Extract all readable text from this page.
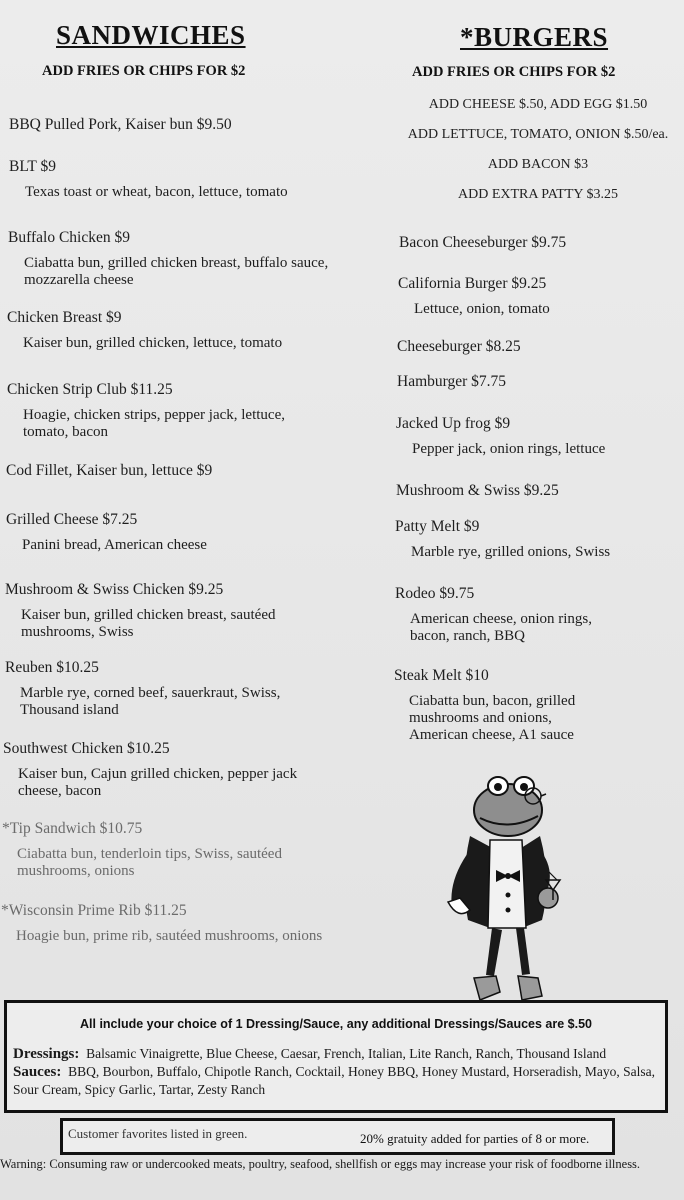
SANDWICHES
ADD FRIES OR CHIPS FOR $2
*BURGERS
ADD FRIES OR CHIPS FOR $2
ADD CHEESE $.50, ADD EGG $1.50
ADD LETTUCE, TOMATO, ONION $.50/ea.
ADD BACON $3
ADD EXTRA PATTY $3.25
BBQ Pulled Pork, Kaiser bun $9.50
BLT $9
Texas toast or wheat, bacon, lettuce, tomato
Buffalo Chicken $9
Ciabatta bun, grilled chicken breast, buffalo sauce, mozzarella cheese
Chicken Breast $9
Kaiser bun, grilled chicken, lettuce, tomato
Chicken Strip Club $11.25
Hoagie, chicken strips, pepper jack, lettuce, tomato, bacon
Cod Fillet, Kaiser bun, lettuce $9
Grilled Cheese $7.25
Panini bread, American cheese
Mushroom & Swiss Chicken $9.25
Kaiser bun, grilled chicken breast, sautéed mushrooms, Swiss
Reuben $10.25
Marble rye, corned beef, sauerkraut, Swiss, Thousand island
Southwest Chicken $10.25
Kaiser bun, Cajun grilled chicken, pepper jack cheese, bacon
*Tip Sandwich $10.75
Ciabatta bun, tenderloin tips, Swiss, sautéed mushrooms, onions
*Wisconsin Prime Rib $11.25
Hoagie bun, prime rib, sautéed mushrooms, onions
Bacon Cheeseburger $9.75
California Burger $9.25
Lettuce, onion, tomato
Cheeseburger $8.25
Hamburger $7.75
Jacked Up frog $9
Pepper jack, onion rings, lettuce
Mushroom & Swiss $9.25
Patty Melt $9
Marble rye, grilled onions, Swiss
Rodeo $9.75
American cheese, onion rings, bacon, ranch, BBQ
Steak Melt $10
Ciabatta bun, bacon, grilled mushrooms and onions, American cheese, A1 sauce
All include your choice of 1 Dressing/Sauce, any additional Dressings/Sauces are $.50
Dressings: Balsamic Vinaigrette, Blue Cheese, Caesar, French, Italian, Lite Ranch, Ranch, Thousand Island
Sauces: BBQ, Bourbon, Buffalo, Chipotle Ranch, Cocktail, Honey BBQ, Honey Mustard, Horseradish, Mayo, Salsa, Sour Cream, Spicy Garlic, Tartar, Zesty Ranch
Customer favorites listed in green.	20% gratuity added for parties of 8 or more.
Warning: Consuming raw or undercooked meats, poultry, seafood, shellfish or eggs may increase your risk of foodborne illness.
